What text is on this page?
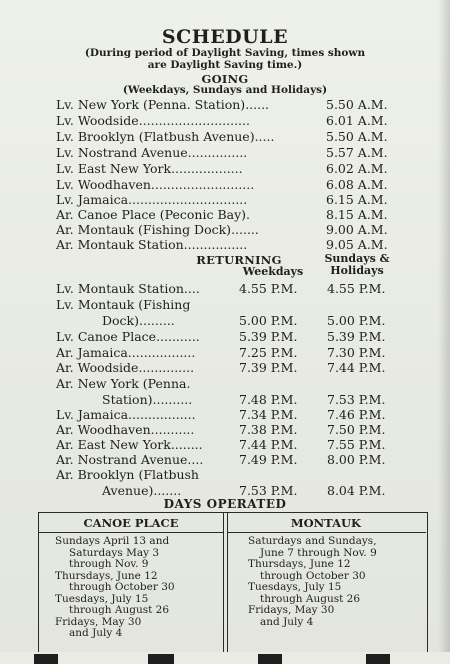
SCHEDULE
(During period of Daylight Saving, times shown
are Daylight Saving time.)
GOING
(Weekdays, Sundays and Holidays)
Lv. New York (Penna. Station)......	5.50 A.M.
Lv. Woodside............................	6.01 A.M.
Lv. Brooklyn (Flatbush Avenue).....	5.50 A.M.
Lv. Nostrand Avenue...............	5.57 A.M.
Lv. East New York..................	6.02 A.M.
Lv. Woodhaven..........................	6.08 A.M.
Lv. Jamaica..............................	6.15 A.M.
Ar. Canoe Place (Peconic Bay).	8.15 A.M.
Ar. Montauk (Fishing Dock).......	9.00 A.M.
Ar. Montauk Station................	9.05 A.M.
RETURNING
Weekdays
Sundays &
Holidays
Lv. Montauk Station....	4.55 P.M. 4.55 P.M.
Lv. Montauk (Fishing
Dock).........	5.00 P.M. 5.00 P.M.
Lv. Canoe Place...........	5.39 P.M. 5.39 P.M.
Ar. Jamaica.................	7.25 P.M. 7.30 P.M.
Ar. Woodside..............	7.39 P.M. 7.44 P.M.
Ar. New York (Penna.
Station)..........	7.48 P.M. 7.53 P.M.
Lv. Jamaica.................	7.34 P.M. 7.46 P.M.
Ar. Woodhaven...........	7.38 P.M. 7.50 P.M.
Ar. East New York........	7.44 P.M. 7.55 P.M.
Ar. Nostrand Avenue....	7.49 P.M. 8.00 P.M.
Ar. Brooklyn (Flatbush
Avenue).......	7.53 P.M. 8.04 P.M.
DAYS OPERATED
CANOE PLACE	MONTAUK
Sundays April 13 and
Saturdays May 3
through Nov. 9
Thursdays, June 12
through October 30
Tuesdays, July 15
through August 26
Fridays, May 30
and July 4
Saturdays and Sundays,
June 7 through Nov. 9
Thursdays, June 12
through October 30
Tuesdays, July 15
through August 26
Fridays, May 30
and July 4
